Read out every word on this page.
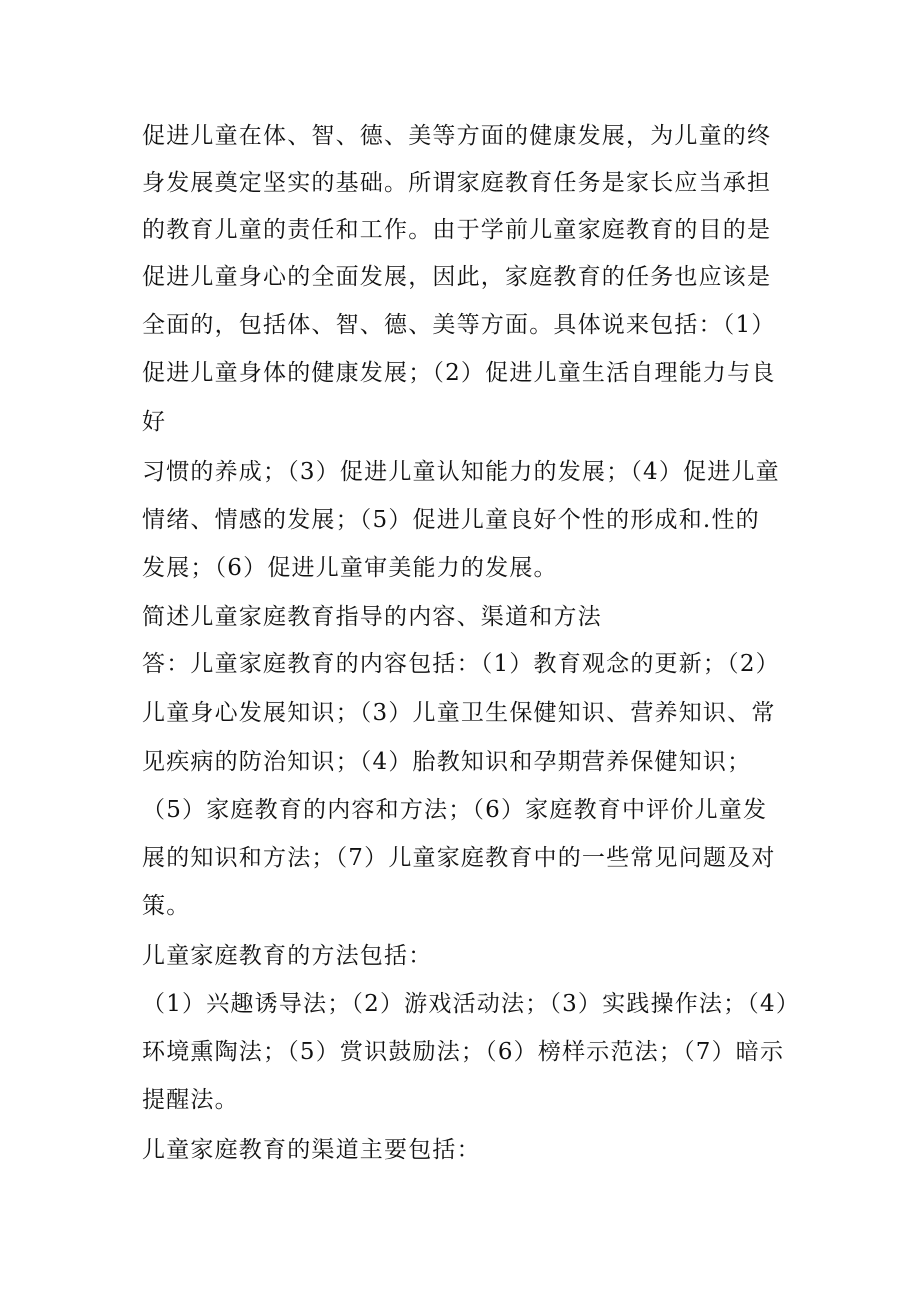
促进儿童在体、智、德、美等方面的健康发展，为儿童的终
身发展奠定坚实的基础。所谓家庭教育任务是家长应当承担
的教育儿童的责任和工作。由于学前儿童家庭教育的目的是
促进儿童身心的全面发展，因此，家庭教育的任务也应该是
全面的，包括体、智、德、美等方面。具体说来包括：（1）
促进儿童身体的健康发展；（2）促进儿童生活自理能力与良
好
习惯的养成；（3）促进儿童认知能力的发展；（4）促进儿童
情绪、情感的发展；（5）促进儿童良好个性的形成和.性的
发展；（6）促进儿童审美能力的发展。
简述儿童家庭教育指导的内容、渠道和方法
答：儿童家庭教育的内容包括：（1）教育观念的更新；（2）
儿童身心发展知识；（3）儿童卫生保健知识、营养知识、常
见疾病的防治知识；（4）胎教知识和孕期营养保健知识；
（5）家庭教育的内容和方法；（6）家庭教育中评价儿童发
展的知识和方法；（7）儿童家庭教育中的一些常见问题及对
策。
儿童家庭教育的方法包括：
（1）兴趣诱导法；（2）游戏活动法；（3）实践操作法；（4）
环境熏陶法；（5）赏识鼓励法；（6）榜样示范法；（7）暗示
提醒法。
儿童家庭教育的渠道主要包括：
